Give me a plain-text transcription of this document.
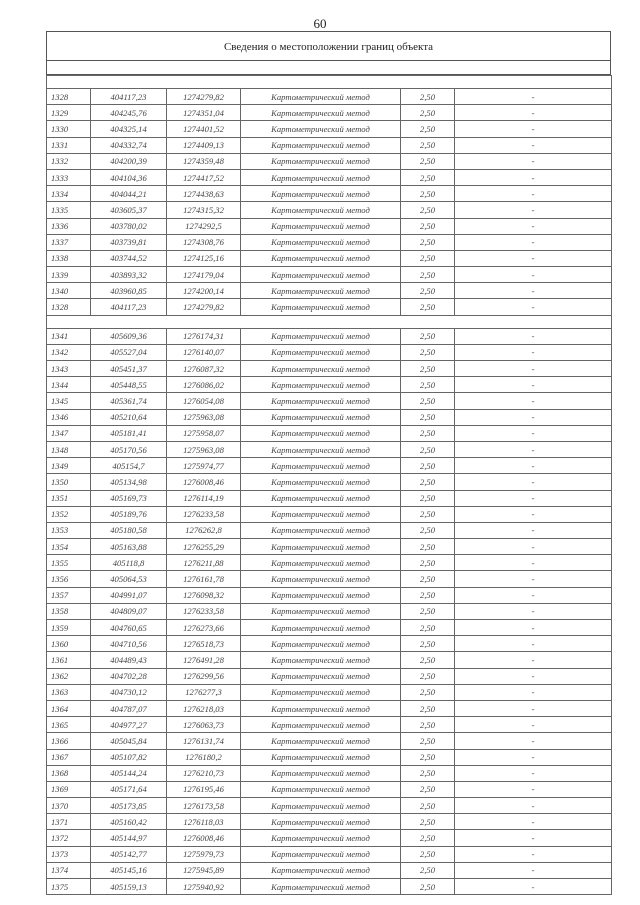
60
Сведения о местоположении границ объекта

1328	404117,23	1274279,82	Картометрический метод	2,50	-
1329	404245,76	1274351,04	Картометрический метод	2,50	-
1330	404325,14	1274401,52	Картометрический метод	2,50	-
1331	404332,74	1274409,13	Картометрический метод	2,50	-
1332	404200,39	1274359,48	Картометрический метод	2,50	-
1333	404104,36	1274417,52	Картометрический метод	2,50	-
1334	404044,21	1274438,63	Картометрический метод	2,50	-
1335	403605,37	1274315,32	Картометрический метод	2,50	-
1336	403780,02	1274292,5	Картометрический метод	2,50	-
1337	403739,81	1274308,76	Картометрический метод	2,50	-
1338	403744,52	1274125,16	Картометрический метод	2,50	-
1339	403893,32	1274179,04	Картометрический метод	2,50	-
1340	403960,85	1274200,14	Картометрический метод	2,50	-
1328	404117,23	1274279,82	Картометрический метод	2,50	-

1341	405609,36	1276174,31	Картометрический метод	2,50	-
1342	405527,04	1276140,07	Картометрический метод	2,50	-
1343	405451,37	1276087,32	Картометрический метод	2,50	-
1344	405448,55	1276086,02	Картометрический метод	2,50	-
1345	405361,74	1276054,08	Картометрический метод	2,50	-
1346	405210,64	1275963,08	Картометрический метод	2,50	-
1347	405181,41	1275958,07	Картометрический метод	2,50	-
1348	405170,56	1275963,08	Картометрический метод	2,50	-
1349	405154,7	1275974,77	Картометрический метод	2,50	-
1350	405134,98	1276008,46	Картометрический метод	2,50	-
1351	405169,73	1276114,19	Картометрический метод	2,50	-
1352	405189,76	1276233,58	Картометрический метод	2,50	-
1353	405180,58	1276262,8	Картометрический метод	2,50	-
1354	405163,88	1276255,29	Картометрический метод	2,50	-
1355	405118,8	1276211,88	Картометрический метод	2,50	-
1356	405064,53	1276161,78	Картометрический метод	2,50	-
1357	404991,07	1276098,32	Картометрический метод	2,50	-
1358	404809,07	1276233,58	Картометрический метод	2,50	-
1359	404760,65	1276273,66	Картометрический метод	2,50	-
1360	404710,56	1276518,73	Картометрический метод	2,50	-
1361	404489,43	1276491,28	Картометрический метод	2,50	-
1362	404702,28	1276299,56	Картометрический метод	2,50	-
1363	404730,12	1276277,3	Картометрический метод	2,50	-
1364	404787,07	1276218,03	Картометрический метод	2,50	-
1365	404977,27	1276063,73	Картометрический метод	2,50	-
1366	405045,84	1276131,74	Картометрический метод	2,50	-
1367	405107,82	1276180,2	Картометрический метод	2,50	-
1368	405144,24	1276210,73	Картометрический метод	2,50	-
1369	405171,64	1276195,46	Картометрический метод	2,50	-
1370	405173,85	1276173,58	Картометрический метод	2,50	-
1371	405160,42	1276118,03	Картометрический метод	2,50	-
1372	405144,97	1276008,46	Картометрический метод	2,50	-
1373	405142,77	1275979,73	Картометрический метод	2,50	-
1374	405145,16	1275945,89	Картометрический метод	2,50	-
1375	405159,13	1275940,92	Картометрический метод	2,50	-
